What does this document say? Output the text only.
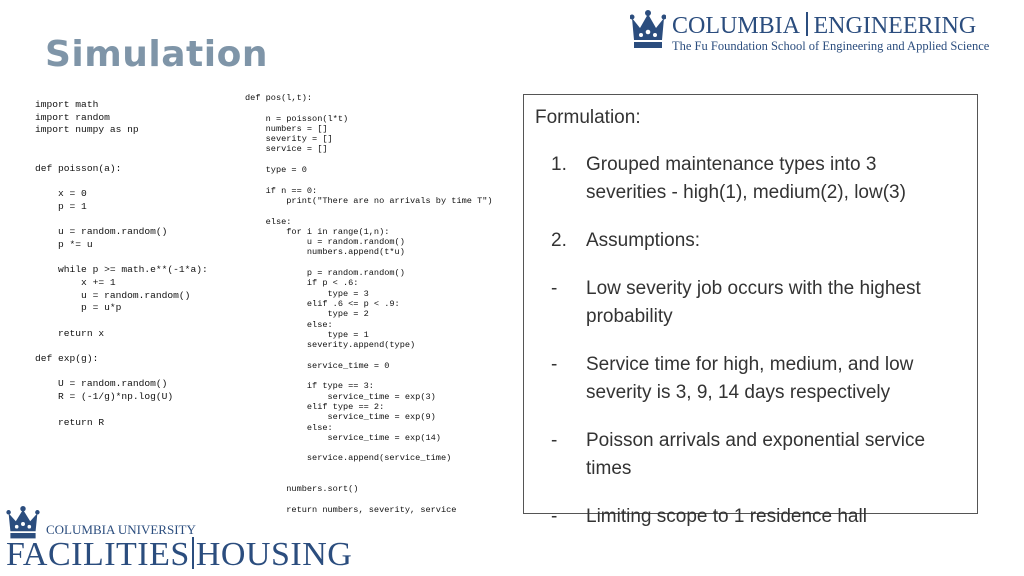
Simulation
COLUMBIA ENGINEERING
The Fu Foundation School of Engineering and Applied Science
import math
import random
import numpy as np

def poisson(a):

x = 0
p = 1

u = random.random()
p *= u

while p >= math.e**(-1*a):
x += 1
u = random.random()
p = u*p

return x

def exp(g):

U = random.random()
R = (-1/g)*np.log(U)

return R
def pos(l,t):

n = poisson(l*t)
numbers = []
severity = []
service = []

type = 0

if n == 0:
print("There are no arrivals by time T")

else:
for i in range(1,n):
u = random.random()
numbers.append(t*u)

p = random.random()
if p < .6:
type = 3
elif .6 <= p < .9:
type = 2
else:
type = 1
severity.append(type)

service_time = 0

if type == 3:
service_time = exp(3)
elif type == 2:
service_time = exp(9)
else:
service_time = exp(14)

service.append(service_time)

numbers.sort()

return numbers, severity, service

Formulation:

1. Grouped maintenance types into 3 severities - high(1), medium(2), low(3)
2. Assumptions:
- Low severity job occurs with the highest probability
- Service time for high, medium, and low severity is 3, 9, 14 days respectively
- Poisson arrivals and exponential service times
- Limiting scope to 1 residence hall
COLUMBIA UNIVERSITY
FACILITIES HOUSING
